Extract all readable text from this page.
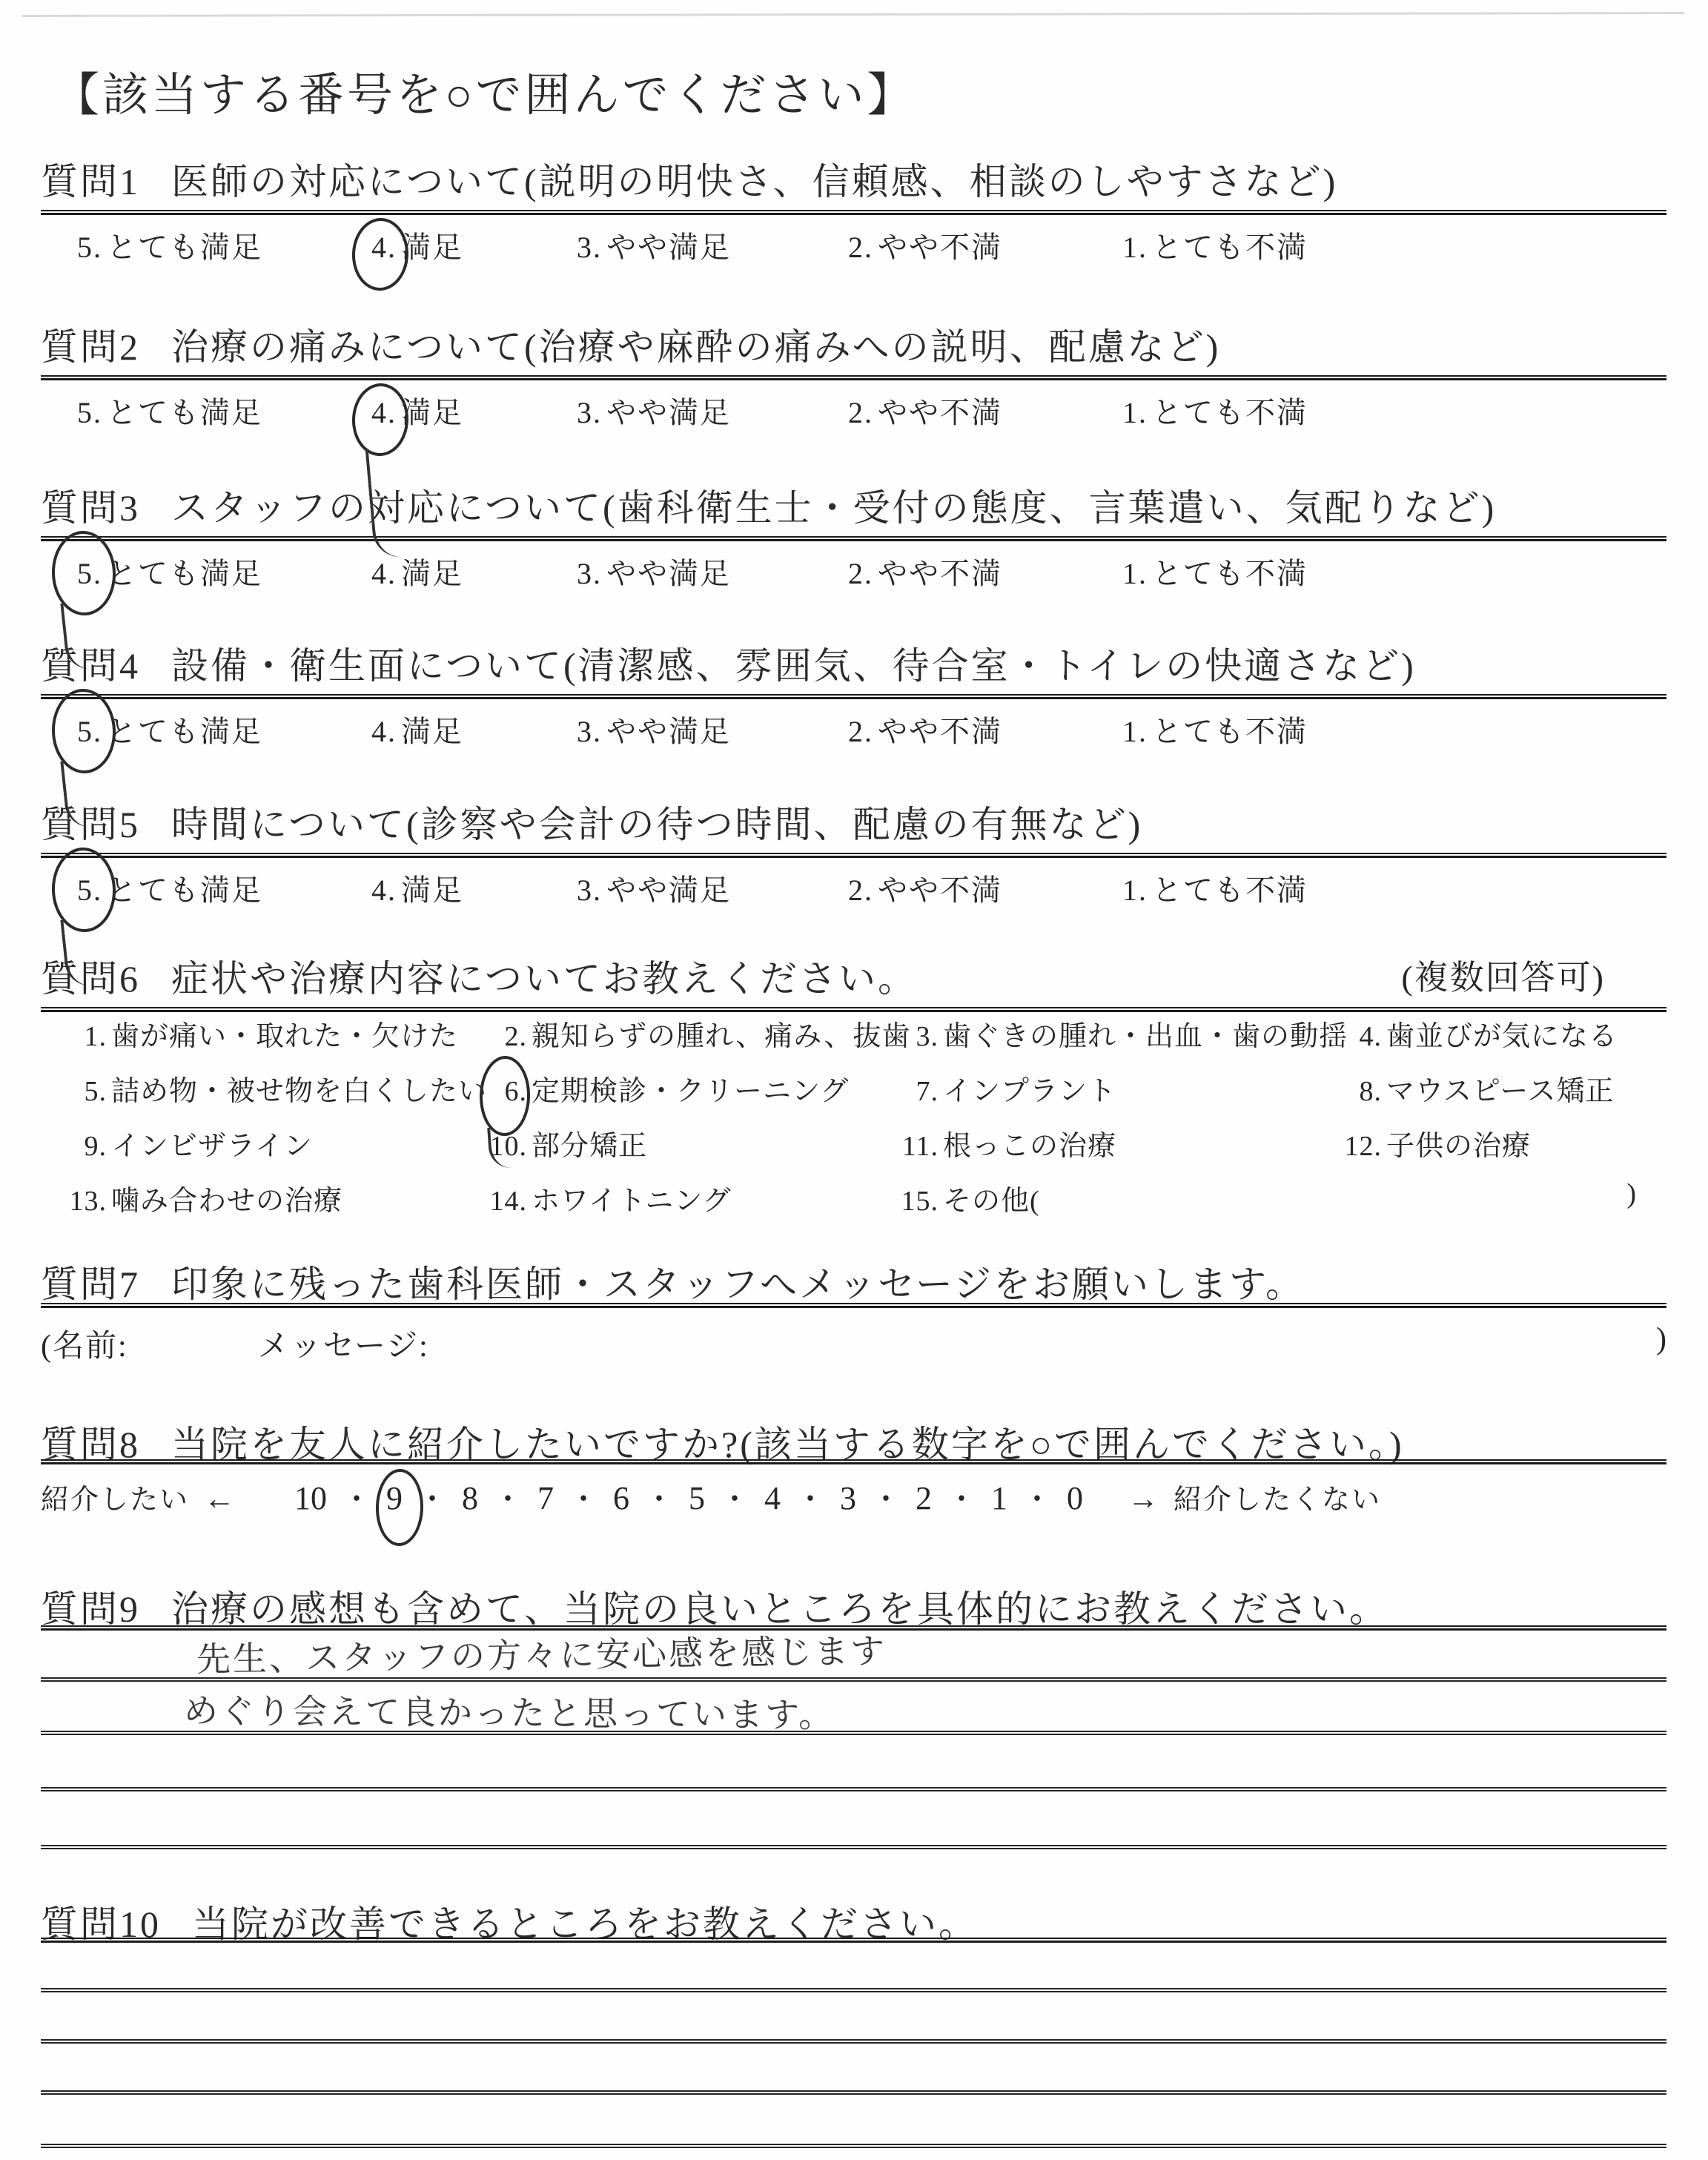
【該当する番号を○で囲んでください】
質問1 医師の対応について(説明の明快さ、信頼感、相談のしやすさなど)
5. とても満足	4. 満足	3. やや満足	2. やや不満	1. とても不満
質問2 治療の痛みについて(治療や麻酔の痛みへの説明、配慮など)
5. とても満足	4. 満足	3. やや満足	2. やや不満	1. とても不満
質問3 スタッフの対応について(歯科衛生士・受付の態度、言葉遣い、気配りなど)
5. とても満足	4. 満足	3. やや満足	2. やや不満	1. とても不満
質問4 設備・衛生面について(清潔感、雰囲気、待合室・トイレの快適さなど)
5. とても満足	4. 満足	3. やや満足	2. やや不満	1. とても不満
質問5 時間について(診察や会計の待つ時間、配慮の有無など)
5. とても満足	4. 満足	3. やや満足	2. やや不満	1. とても不満
質問6 症状や治療内容についてお教えください。	(複数回答可)
1. 歯が痛い・取れた・欠けた	2. 親知らずの腫れ、痛み、抜歯 3. 歯ぐきの腫れ・出血・歯の動揺 4. 歯並びが気になる
5. 詰め物・被せ物を白くしたい 6. 定期検診・クリーニング	7. インプラント	8. マウスピース矯正
9. インビザライン	10. 部分矯正	11. 根っこの治療	12. 子供の治療
13. 噛み合わせの治療	14. ホワイトニング	15. その他(	)
質問7 印象に残った歯科医師・スタッフへメッセージをお願いします。
(名前:	メッセージ:	)
質問8 当院を友人に紹介したいですか?(該当する数字を○で囲んでください。)
紹介したい ← 10 ・ 9 ・ 8 ・ 7 ・ 6 ・ 5 ・ 4 ・ 3 ・ 2 ・ 1 ・ 0 → 紹介したくない
質問9 治療の感想も含めて、当院の良いところを具体的にお教えください。
先生、スタッフの方々に安心感を感じます
めぐり会えて良かったと思っています。
質問10 当院が改善できるところをお教えください。
